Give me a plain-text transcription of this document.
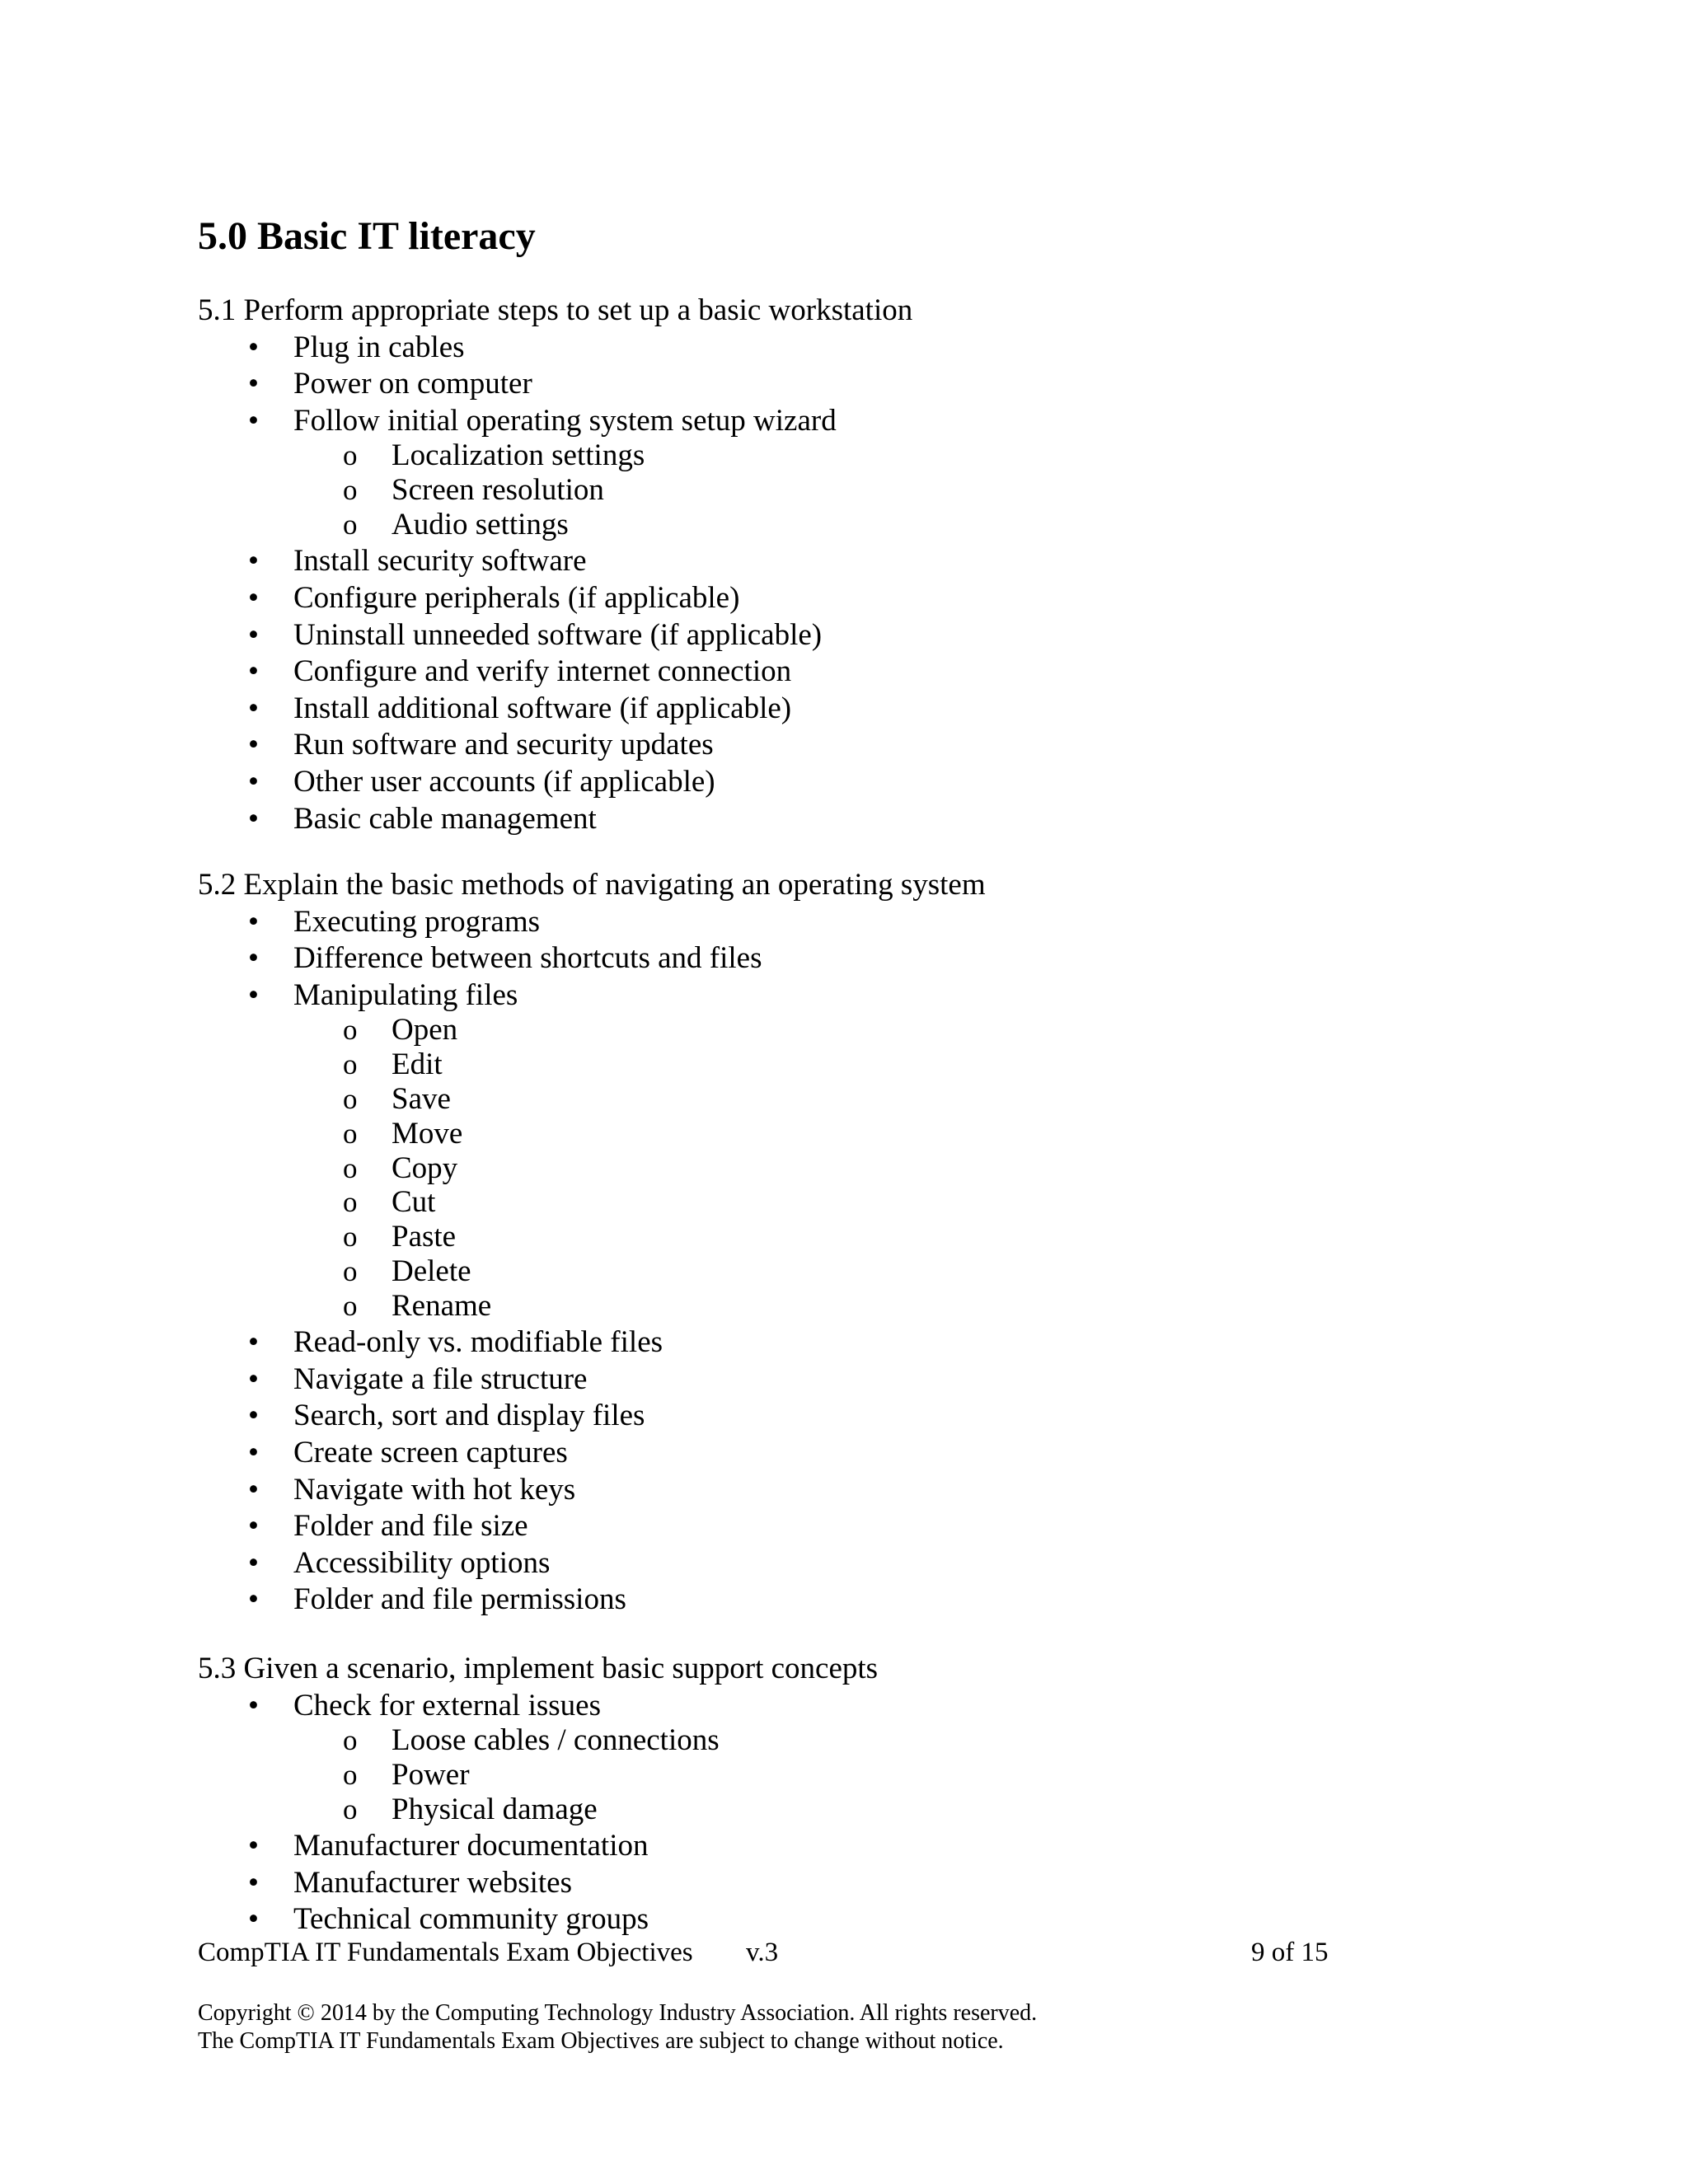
5.0 Basic IT literacy
5.1 Perform appropriate steps to set up a basic workstation
•
Plug in cables
•
Power on computer
•
Follow initial operating system setup wizard
o
Localization settings
o
Screen resolution
o
Audio settings
•
Install security software
•
Configure peripherals (if applicable)
•
Uninstall unneeded software (if applicable)
•
Configure and verify internet connection
•
Install additional software (if applicable)
•
Run software and security updates
•
Other user accounts (if applicable)
•
Basic cable management
5.2 Explain the basic methods of navigating an operating system
•
Executing programs
•
Difference between shortcuts and files
•
Manipulating files
o
Open
o
Edit
o
Save
o
Move
o
Copy
o
Cut
o
Paste
o
Delete
o
Rename
•
Read-only vs. modifiable files
•
Navigate a file structure
•
Search, sort and display files
•
Create screen captures
•
Navigate with hot keys
•
Folder and file size
•
Accessibility options
•
Folder and file permissions
5.3 Given a scenario, implement basic support concepts
•
Check for external issues
o
Loose cables / connections
o
Power
o
Physical damage
•
Manufacturer documentation
•
Manufacturer websites
•
Technical community groups
CompTIA IT Fundamentals Exam Objectives v.3	9 of 15
Copyright © 2014 by the Computing Technology Industry Association. All rights reserved.
The CompTIA IT Fundamentals Exam Objectives are subject to change without notice.
